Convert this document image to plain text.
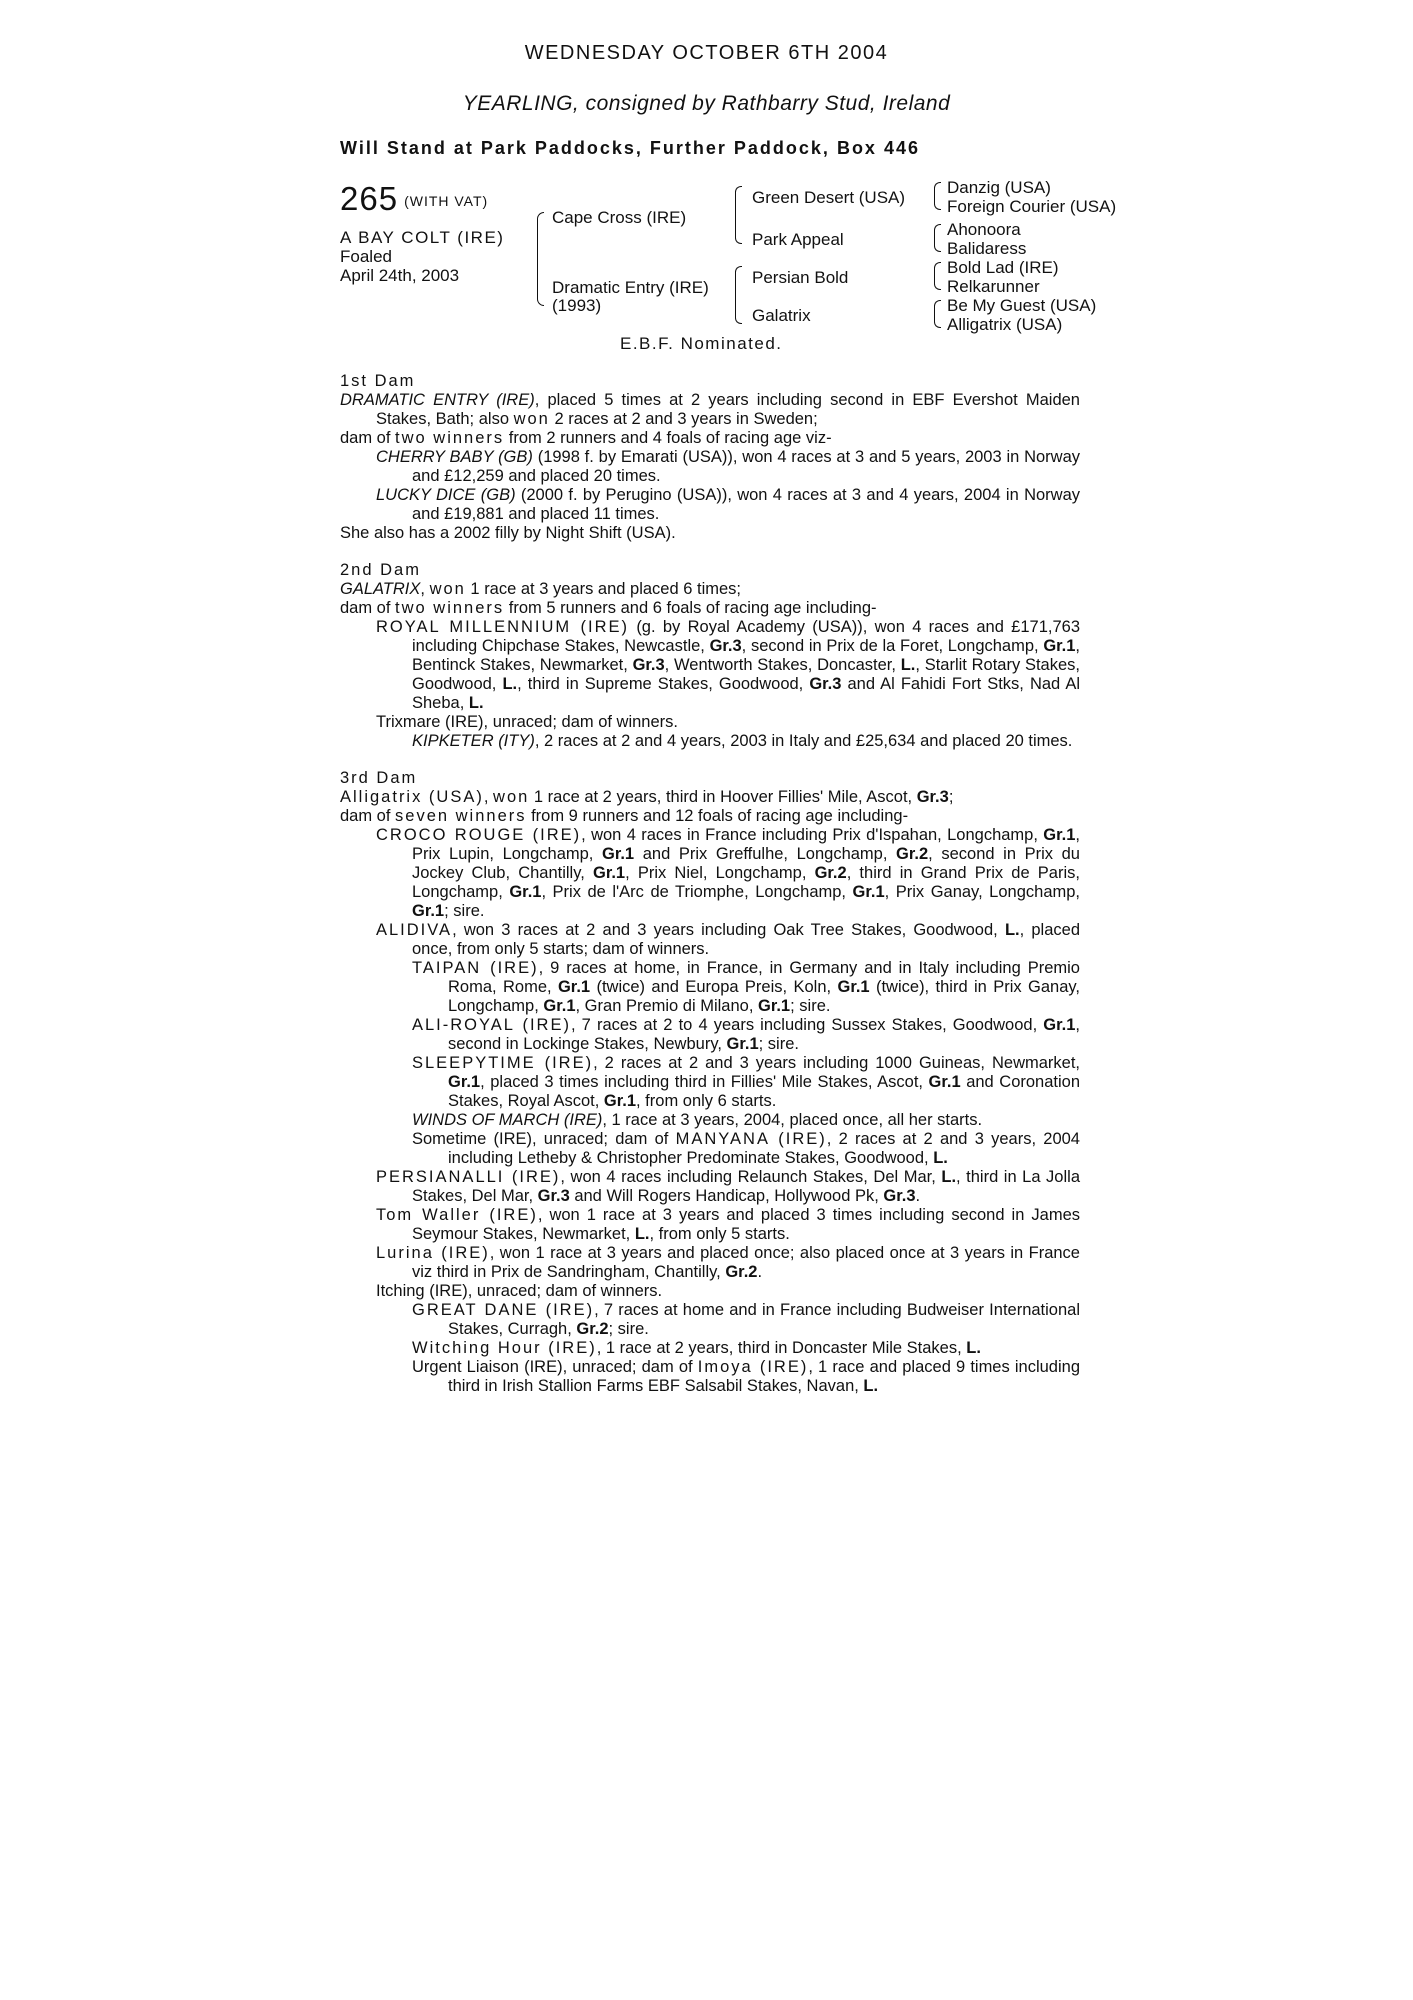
WEDNESDAY OCTOBER 6TH 2004
YEARLING, consigned by Rathbarry Stud, Ireland
Will Stand at Park Paddocks, Further Paddock, Box 446
265 (WITH VAT)
A BAY COLT (IRE)
Foaled
April 24th, 2003
Cape Cross (IRE)
Dramatic Entry (IRE)
(1993)
Green Desert (USA)
Park Appeal
Persian Bold
Galatrix
Danzig (USA)
Foreign Courier (USA)
Ahonoora
Balidaress
Bold Lad (IRE)
Relkarunner
Be My Guest (USA)
Alligatrix (USA)
E.B.F. Nominated.
1st Dam
DRAMATIC ENTRY (IRE), placed 5 times at 2 years including second in EBF Evershot Maiden Stakes, Bath; also won 2 races at 2 and 3 years in Sweden;
dam of two winners from 2 runners and 4 foals of racing age viz-
CHERRY BABY (GB) (1998 f. by Emarati (USA)), won 4 races at 3 and 5 years, 2003 in Norway and £12,259 and placed 20 times.
LUCKY DICE (GB) (2000 f. by Perugino (USA)), won 4 races at 3 and 4 years, 2004 in Norway and £19,881 and placed 11 times.
She also has a 2002 filly by Night Shift (USA).
2nd Dam
GALATRIX, won 1 race at 3 years and placed 6 times;
dam of two winners from 5 runners and 6 foals of racing age including-
ROYAL MILLENNIUM (IRE) (g. by Royal Academy (USA)), won 4 races and £171,763 including Chipchase Stakes, Newcastle, Gr.3, second in Prix de la Foret, Longchamp, Gr.1, Bentinck Stakes, Newmarket, Gr.3, Wentworth Stakes, Doncaster, L., Starlit Rotary Stakes, Goodwood, L., third in Supreme Stakes, Goodwood, Gr.3 and Al Fahidi Fort Stks, Nad Al Sheba, L.
Trixmare (IRE), unraced; dam of winners.
KIPKETER (ITY), 2 races at 2 and 4 years, 2003 in Italy and £25,634 and placed 20 times.
3rd Dam
Alligatrix (USA), won 1 race at 2 years, third in Hoover Fillies' Mile, Ascot, Gr.3;
dam of seven winners from 9 runners and 12 foals of racing age including-
CROCO ROUGE (IRE), won 4 races in France including Prix d'Ispahan, Longchamp, Gr.1, Prix Lupin, Longchamp, Gr.1 and Prix Greffulhe, Longchamp, Gr.2, second in Prix du Jockey Club, Chantilly, Gr.1, Prix Niel, Longchamp, Gr.2, third in Grand Prix de Paris, Longchamp, Gr.1, Prix de l'Arc de Triomphe, Longchamp, Gr.1, Prix Ganay, Longchamp, Gr.1; sire.
ALIDIVA, won 3 races at 2 and 3 years including Oak Tree Stakes, Goodwood, L., placed once, from only 5 starts; dam of winners.
TAIPAN (IRE), 9 races at home, in France, in Germany and in Italy including Premio Roma, Rome, Gr.1 (twice) and Europa Preis, Koln, Gr.1 (twice), third in Prix Ganay, Longchamp, Gr.1, Gran Premio di Milano, Gr.1; sire.
ALI-ROYAL (IRE), 7 races at 2 to 4 years including Sussex Stakes, Goodwood, Gr.1, second in Lockinge Stakes, Newbury, Gr.1; sire.
SLEEPYTIME (IRE), 2 races at 2 and 3 years including 1000 Guineas, Newmarket, Gr.1, placed 3 times including third in Fillies' Mile Stakes, Ascot, Gr.1 and Coronation Stakes, Royal Ascot, Gr.1, from only 6 starts.
WINDS OF MARCH (IRE), 1 race at 3 years, 2004, placed once, all her starts.
Sometime (IRE), unraced; dam of MANYANA (IRE), 2 races at 2 and 3 years, 2004 including Letheby & Christopher Predominate Stakes, Goodwood, L.
PERSIANALLI (IRE), won 4 races including Relaunch Stakes, Del Mar, L., third in La Jolla Stakes, Del Mar, Gr.3 and Will Rogers Handicap, Hollywood Pk, Gr.3.
Tom Waller (IRE), won 1 race at 3 years and placed 3 times including second in James Seymour Stakes, Newmarket, L., from only 5 starts.
Lurina (IRE), won 1 race at 3 years and placed once; also placed once at 3 years in France viz third in Prix de Sandringham, Chantilly, Gr.2.
Itching (IRE), unraced; dam of winners.
GREAT DANE (IRE), 7 races at home and in France including Budweiser International Stakes, Curragh, Gr.2; sire.
Witching Hour (IRE), 1 race at 2 years, third in Doncaster Mile Stakes, L.
Urgent Liaison (IRE), unraced; dam of Imoya (IRE), 1 race and placed 9 times including third in Irish Stallion Farms EBF Salsabil Stakes, Navan, L.
